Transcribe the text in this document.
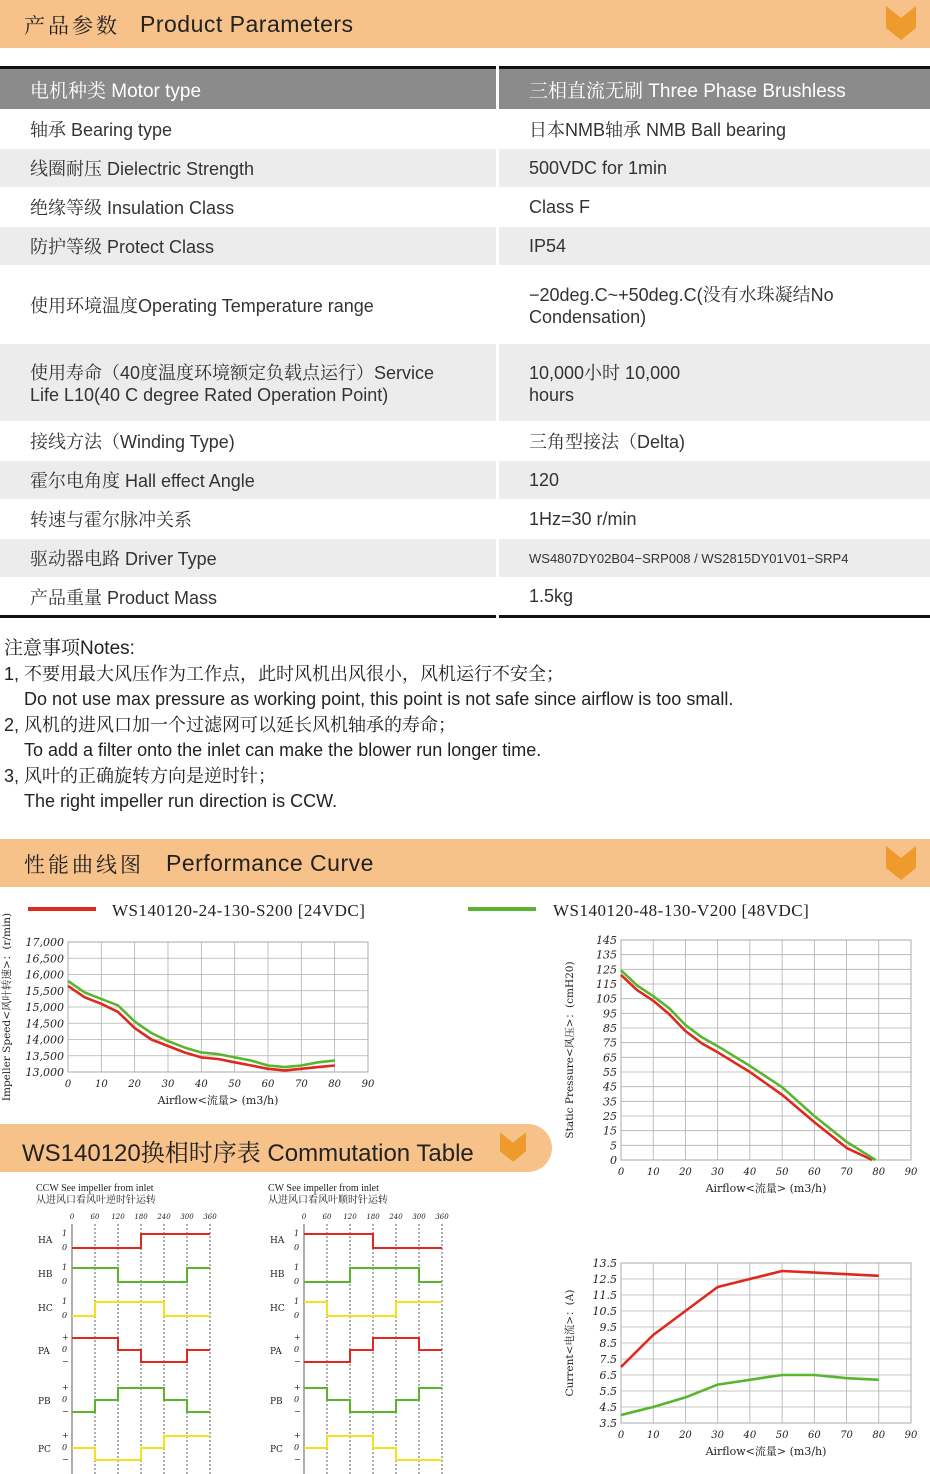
产品参数 Product Parameters
电机种类 Motor type	三相直流无刷 Three Phase Brushless
轴承 Bearing type	日本NMB轴承 NMB Ball bearing
线圈耐压 Dielectric Strength	500VDC for 1min
绝缘等级 Insulation Class	Class F
防护等级 Protect Class	IP54
使用环境温度Operating Temperature range	−20deg.C~+50deg.C(没有水珠凝结No Condensation)
使用寿命（40度温度环境额定负载点运行）Service Life L10(40 C degree Rated Operation Point)	10,000小时 10,000 hours
接线方法（Winding Type)	三角型接法（Delta)
霍尔电角度 Hall effect Angle	120
转速与霍尔脉冲关系	1Hz=30 r/min
驱动器电路 Driver Type	WS4807DY02B04−SRP008 / WS2815DY01V01−SRP4
产品重量 Product Mass	1.5kg
注意事项Notes:
1, 不要用最大风压作为工作点，此时风机出风很小，风机运行不安全；
Do not use max pressure as working point, this point is not safe since airflow is too small.
2, 风机的进风口加一个过滤网可以延长风机轴承的寿命；
To add a filter onto the inlet can make the blower run longer time.
3, 风叶的正确旋转方向是逆时针；
The right impeller run direction is CCW.
性能曲线图 Performance Curve
WS140120-24-130-S200 [24VDC]	WS140120-48-130-V200 [48VDC]
0 10 20 30 40 50 60 70 80 90
17,000
16,500
16,000
15,500
15,000
14,500
14,000
13,500
13,000
Airflow<流量> (m3/h)
Impeller Speed<风叶转速>：(r/min)
0 10 20 30 40 50 60 70 80 90
145
135
125
115
105
95
85
75
65
55
45
35
25
15
5
0
Airflow<流量> (m3/h)
Static Pressure<风压>：(cmH20)
0 10 20 30 40 50 60 70 80 90
13.5
12.5
11.5
10.5
9.5
8.5
7.5
6.5
5.5
4.5
3.5
Airflow<流量> (m3/h)
Current<电流>：(A)
WS140120换相时序表 Commutation Table
CCW See impeller from inlet
从进风口看风叶逆时针运转
CW See impeller from inlet
从进风口看风叶顺时针运转
0 60 120 180 240 300 360
HA
1
0
HB
1
0
HC
1
0
PA
+
0
−
PB
+
0
−
PC
+
0
−
0 60 120 180 240 300 360
HA
1
0
HB
1
0
HC
1
0
PA
+
0
−
PB
+
0
−
PC
+
0
−
